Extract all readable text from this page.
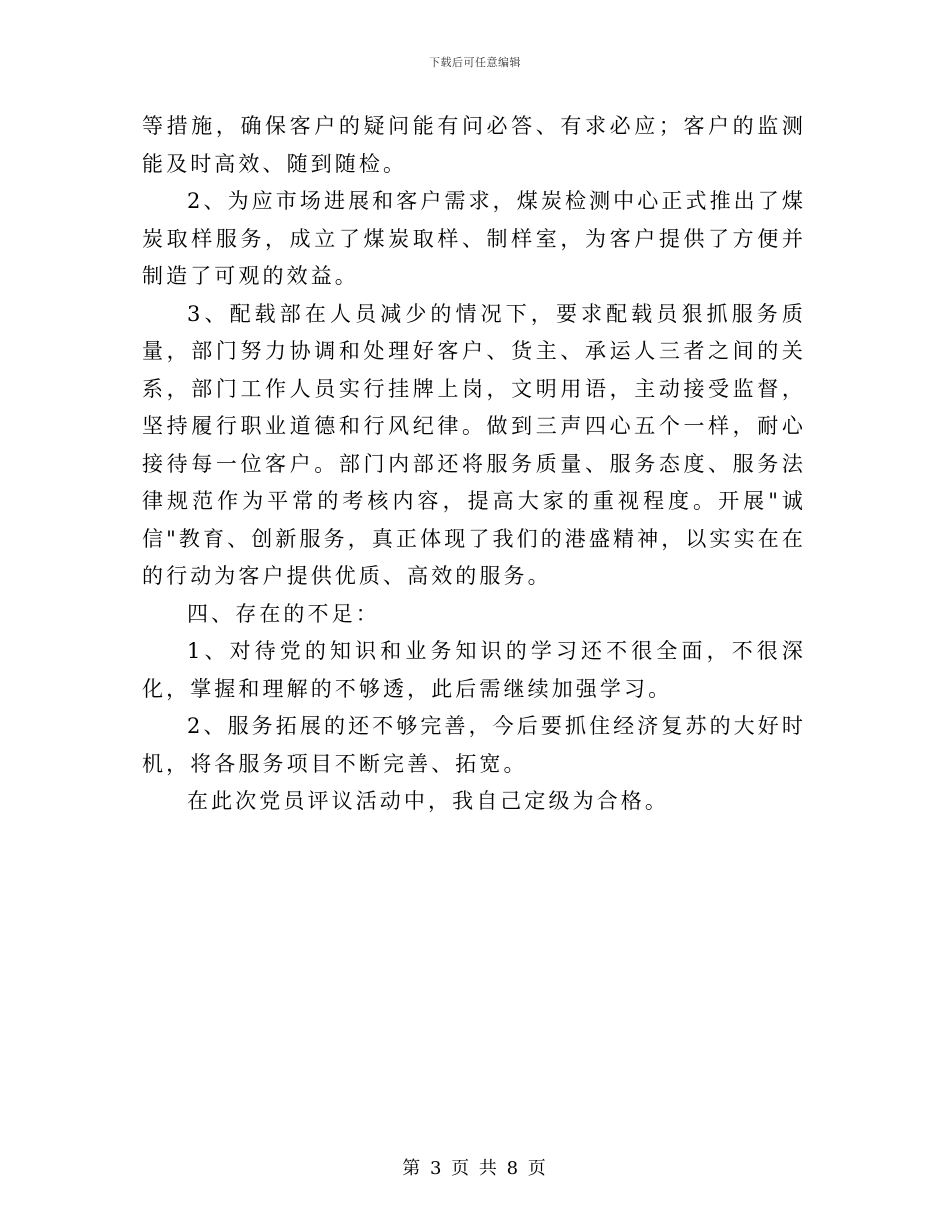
下载后可任意编辑

等措施，确保客户的疑问能有问必答、有求必应；客户的监测能及时高效、随到随检。

2、为应市场进展和客户需求，煤炭检测中心正式推出了煤炭取样服务，成立了煤炭取样、制样室，为客户提供了方便并制造了可观的效益。

3、配载部在人员减少的情况下，要求配载员狠抓服务质量，部门努力协调和处理好客户、货主、承运人三者之间的关系，部门工作人员实行挂牌上岗，文明用语，主动接受监督，坚持履行职业道德和行风纪律。做到三声四心五个一样，耐心接待每一位客户。部门内部还将服务质量、服务态度、服务法律规范作为平常的考核内容，提高大家的重视程度。开展"诚信"教育、创新服务，真正体现了我们的港盛精神，以实实在在的行动为客户提供优质、高效的服务。

四、存在的不足：

1、对待党的知识和业务知识的学习还不很全面，不很深化，掌握和理解的不够透，此后需继续加强学习。

2、服务拓展的还不够完善，今后要抓住经济复苏的大好时机，将各服务项目不断完善、拓宽。

在此次党员评议活动中，我自己定级为合格。

第 3 页 共 8 页
